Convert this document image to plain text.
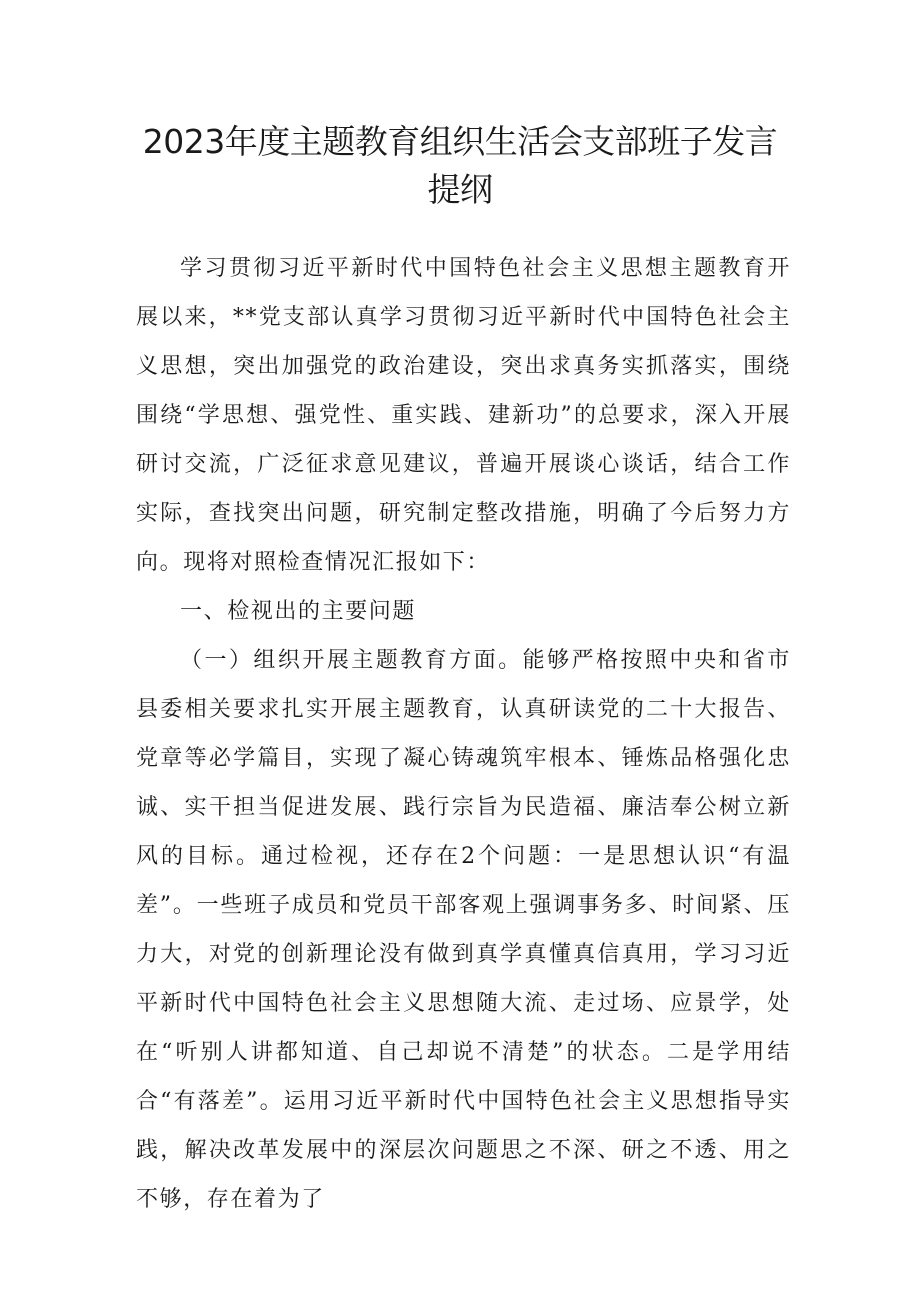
2023年度主题教育组织生活会支部班子发言提纲

学习贯彻习近平新时代中国特色社会主义思想主题教育开展以来，**党支部认真学习贯彻习近平新时代中国特色社会主义思想，突出加强党的政治建设，突出求真务实抓落实，围绕围绕“学思想、强党性、重实践、建新功”的总要求，深入开展研讨交流，广泛征求意见建议，普遍开展谈心谈话，结合工作实际，查找突出问题，研究制定整改措施，明确了今后努力方向。现将对照检查情况汇报如下：

一、检视出的主要问题

（一）组织开展主题教育方面。能够严格按照中央和省市县委相关要求扎实开展主题教育，认真研读党的二十大报告、党章等必学篇目，实现了凝心铸魂筑牢根本、锤炼品格强化忠诚、实干担当促进发展、践行宗旨为民造福、廉洁奉公树立新风的目标。通过检视，还存在2个问题：一是思想认识“有温差”。一些班子成员和党员干部客观上强调事务多、时间紧、压力大，对党的创新理论没有做到真学真懂真信真用，学习习近平新时代中国特色社会主义思想随大流、走过场、应景学，处在“听别人讲都知道、自己却说不清楚”的状态。二是学用结合“有落差”。运用习近平新时代中国特色社会主义思想指导实践，解决改革发展中的深层次问题思之不深、研之不透、用之不够，存在着为了
